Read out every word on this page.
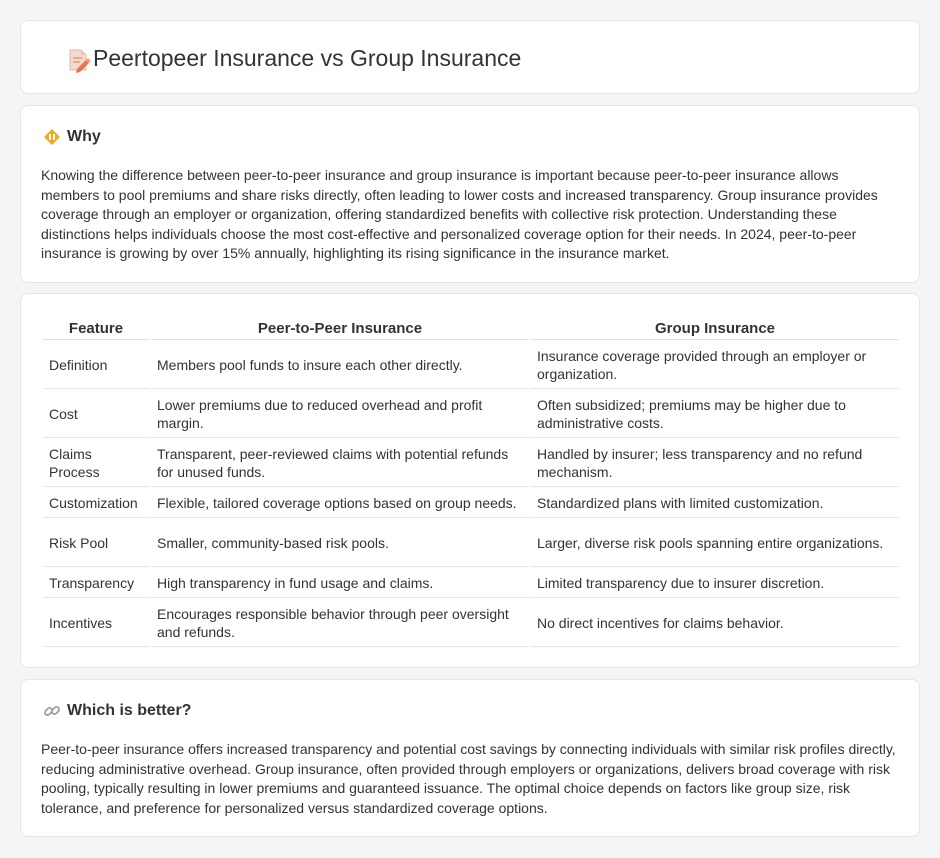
Peertopeer Insurance vs Group Insurance
Why

Knowing the difference between peer-to-peer insurance and group insurance is important because peer-to-peer insurance allows members to pool premiums and share risks directly, often leading to lower costs and increased transparency. Group insurance provides coverage through an employer or organization, offering standardized benefits with collective risk protection. Understanding these distinctions helps individuals choose the most cost-effective and personalized coverage option for their needs. In 2024, peer-to-peer insurance is growing by over 15% annually, highlighting its rising significance in the insurance market.

Feature	Peer-to-Peer Insurance	Group Insurance
Definition	Members pool funds to insure each other directly.	Insurance coverage provided through an employer or organization.
Cost	Lower premiums due to reduced overhead and profit margin.	Often subsidized; premiums may be higher due to administrative costs.
Claims Process	Transparent, peer-reviewed claims with potential refunds for unused funds.	Handled by insurer; less transparency and no refund mechanism.
Customization	Flexible, tailored coverage options based on group needs.	Standardized plans with limited customization.
Risk Pool	Smaller, community-based risk pools.	Larger, diverse risk pools spanning entire organizations.
Transparency	High transparency in fund usage and claims.	Limited transparency due to insurer discretion.
Incentives	Encourages responsible behavior through peer oversight and refunds.	No direct incentives for claims behavior.
Which is better?

Peer-to-peer insurance offers increased transparency and potential cost savings by connecting individuals with similar risk profiles directly, reducing administrative overhead. Group insurance, often provided through employers or organizations, delivers broad coverage with risk pooling, typically resulting in lower premiums and guaranteed issuance. The optimal choice depends on factors like group size, risk tolerance, and preference for personalized versus standardized coverage options.
